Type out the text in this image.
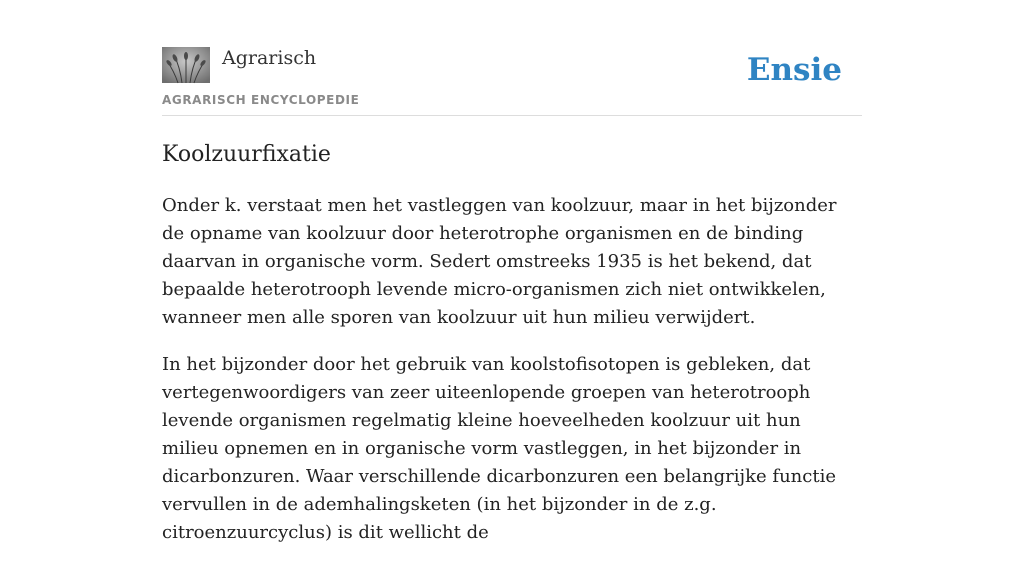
Agrarisch
AGRARISCH ENCYCLOPEDIE
Ensie
Koolzuurfixatie

Onder k. verstaat men het vastleggen van koolzuur, maar in het bijzonder de opname van koolzuur door heterotrophe organismen en de binding daarvan in organische vorm. Sedert omstreeks 1935 is het bekend, dat bepaalde heterotrooph levende micro-organismen zich niet ontwikkelen, wanneer men alle sporen van koolzuur uit hun milieu verwijdert.

In het bijzonder door het gebruik van koolstofisotopen is gebleken, dat vertegenwoordigers van zeer uiteenlopende groepen van heterotrooph levende organismen regelmatig kleine hoeveelheden koolzuur uit hun milieu opnemen en in organische vorm vastleggen, in het bijzonder in dicarbonzuren. Waar verschillende dicarbonzuren een belangrijke functie vervullen in de ademhalingsketen (in het bijzonder in de z.g. citroenzuurcyclus) is dit wellicht de
